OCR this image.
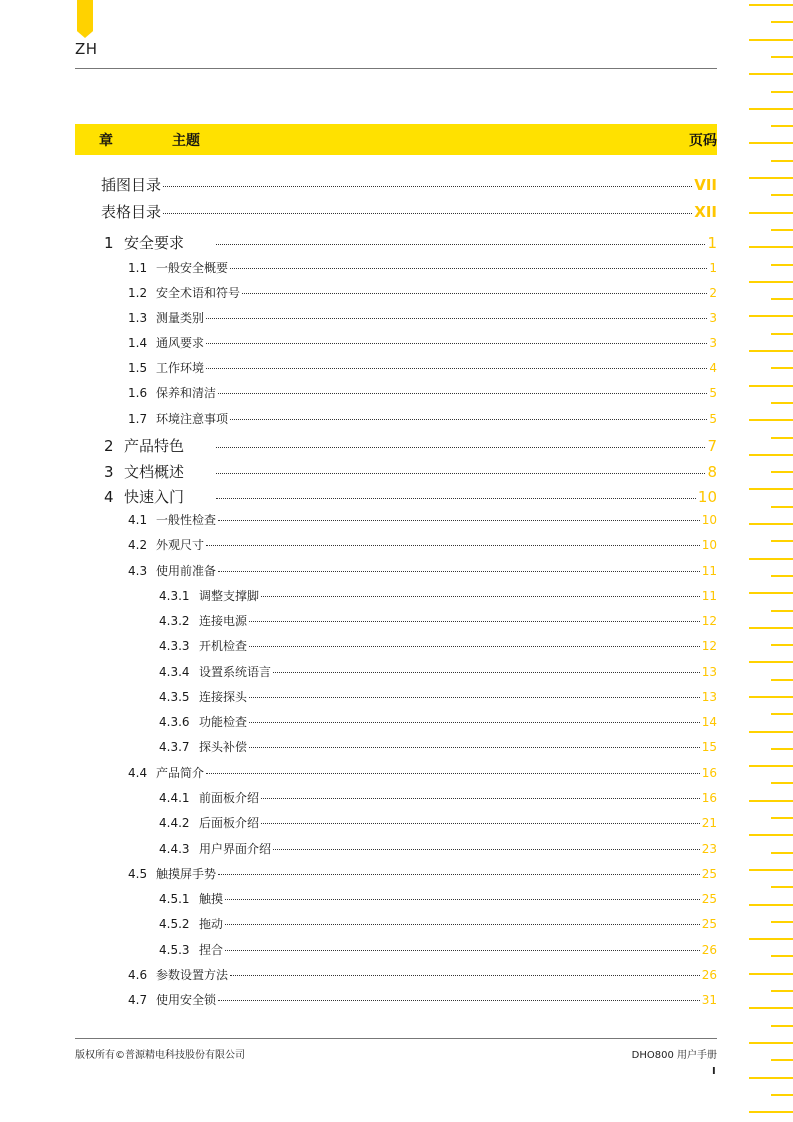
ZH
章	主题	页码
插图目录	VII
表格目录	XII
1 安全要求	1
1.1 一般安全概要	1
1.2 安全术语和符号	2
1.3 测量类别	3
1.4 通风要求	3
1.5 工作环境	4
1.6 保养和清洁	5
1.7 环境注意事项	5
2 产品特色	7
3 文档概述	8
4 快速入门	10
4.1 一般性检查	10
4.2 外观尺寸	10
4.3 使用前准备	11
4.3.1 调整支撑脚	11
4.3.2 连接电源	12
4.3.3 开机检查	12
4.3.4 设置系统语言	13
4.3.5 连接探头	13
4.3.6 功能检查	14
4.3.7 探头补偿	15
4.4 产品简介	16
4.4.1 前面板介绍	16
4.4.2 后面板介绍	21
4.4.3 用户界面介绍	23
4.5 触摸屏手势	25
4.5.1 触摸	25
4.5.2 拖动	25
4.5.3 捏合	26
4.6 参数设置方法	26
4.7 使用安全锁	31
版权所有©普源精电科技股份有限公司	DHO800 用户手册
I
